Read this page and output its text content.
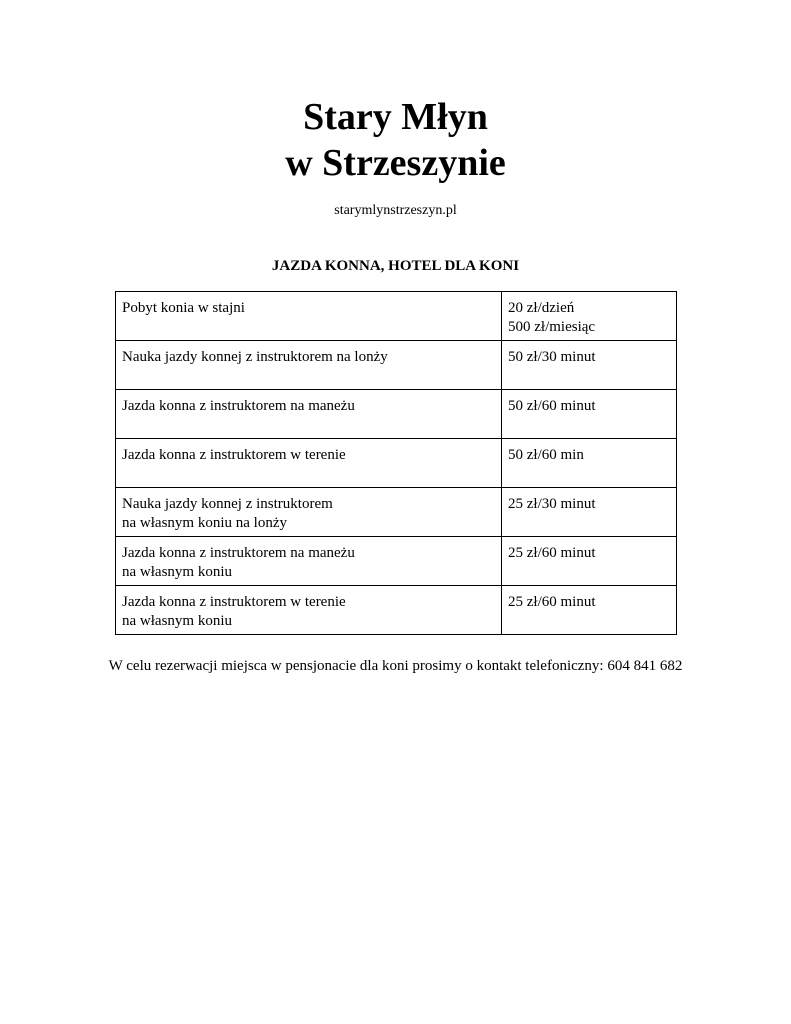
Stary Młyn
w Strzeszynie
starymlynstrzeszyn.pl
JAZDA KONNA, HOTEL DLA KONI
Pobyt konia w stajni	20 zł/dzień
500 zł/miesiąc

Nauka jazdy konnej z instruktorem na lonży	50 zł/30 minut

Jazda konna z instruktorem na maneżu	50 zł/60 minut

Jazda konna z instruktorem w terenie	50 zł/60 min

Nauka jazdy konnej z instruktorem
na własnym koniu na lonży	25 zł/30 minut

Jazda konna z instruktorem na maneżu
na własnym koniu	25 zł/60 minut

Jazda konna z instruktorem w terenie
na własnym koniu	25 zł/60 minut
W celu rezerwacji miejsca w pensjonacie dla koni prosimy o kontakt telefoniczny: 604 841 682
